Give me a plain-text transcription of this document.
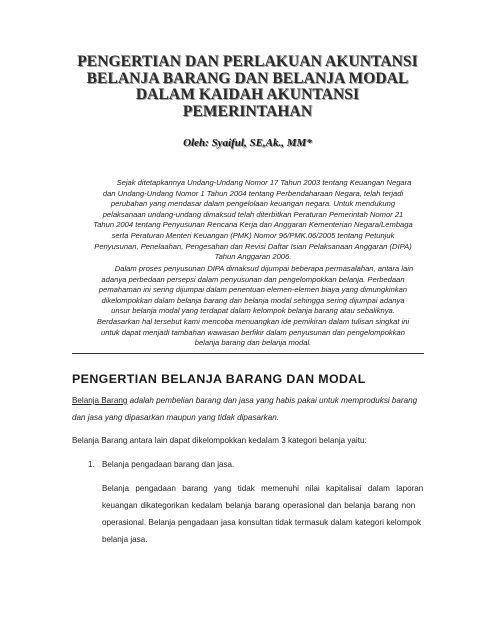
PENGERTIAN DAN PERLAKUAN AKUNTANSI
BELANJA BARANG DAN BELANJA MODAL
DALAM KAIDAH AKUNTANSI
PEMERINTAHAN
Oleh: Syaiful, SE,Ak., MM*
Sejak ditetapkannya Undang-Undang Nomor 17 Tahun 2003 tentang Keuangan Negara
dan Undang-Undang Nomor 1 Tahun 2004 tentang Perbendaharaan Negara, telah terjadi
perubahan yang mendasar dalam pengelolaan keuangan negara. Untuk mendukung
pelaksanaan undang-undang dimaksud telah diterbitkan Peraturan Pemerintah Nomor 21
Tahun 2004 tentang Penyusunan Rencana Kerja dan Anggaran Kementerian Negara/Lembaga
serta Peraturan Menteri Keuangan (PMK) Nomor 96/PMK.06/2005 tentang Petunjuk
Penyusunan, Penelaahan, Pengesahan dan Revisi Daftar Isian Pelaksanaan Anggaran (DIPA)
Tahun Anggaran 2006.
Dalam proses penyusunan DIPA dimaksud dijumpai beberapa permasalahan, antara lain
adanya perbedaan persepsi dalam penyusunan dan pengelompokkan belanja. Perbedaan
pemahaman ini sering dijumpai dalam penentuan elemen-elemen biaya yang dimungkinkan
dikelompokkan dalam belanja barang dan belanja modal sehingga sering dijumpai adanya
unsur belanja modal yang terdapat dalam kelompok belanja barang atau sebaliknya.
Berdasarkan hal tersebut kami mencoba menuangkan ide pemikiran dalam tulisan singkat ini
untuk dapat menjadi tambahan wawasan berfikir dalam penyusunan dan pengelompokkan
belanja barang dan belanja modal.
PENGERTIAN BELANJA BARANG DAN MODAL
Belanja Barang adalah pembelian barang dan jasa yang habis pakai untuk memproduksi barang
dan jasa yang dipasarkan maupun yang tidak dipasarkan.
Belanja Barang antara lain dapat dikelompokkan kedalam 3 kategori belanja yaitu:
1. Belanja pengadaan barang dan jasa.
Belanja pengadaan barang yang tidak memenuhi nilai kapitalisai dalam laporan
keuangan dikategorikan kedalam belanja barang operasional dan belanja barang non
operasional. Belanja pengadaan jasa konsultan tidak termasuk dalam kategori kelompok
belanja jasa.
